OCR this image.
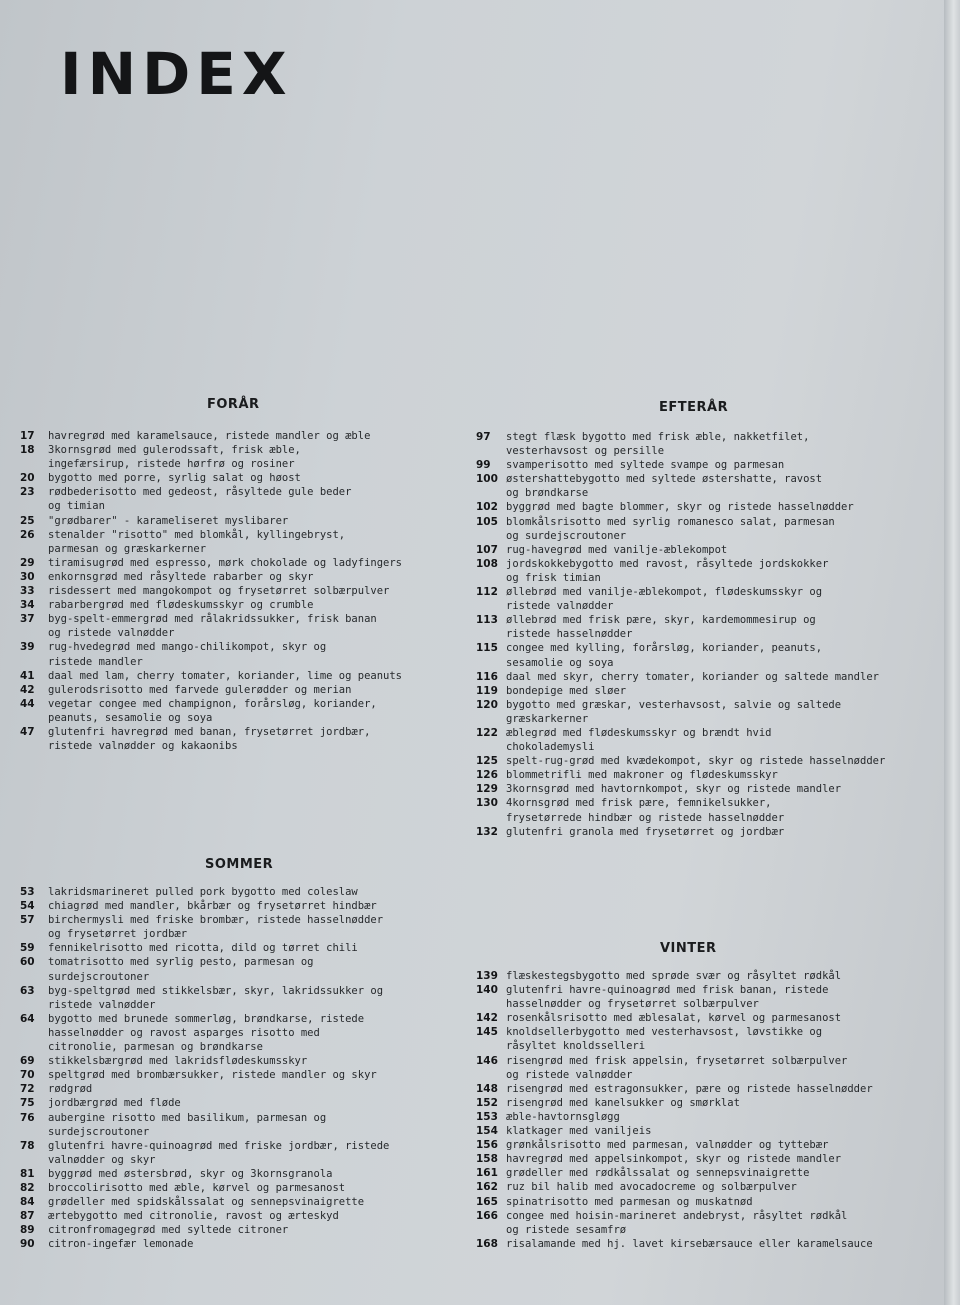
INDEX
FORÅR
17	havregrød med karamelsauce, ristede mandler og æble
18	3kornsgrød med gulerodssaft, frisk æble,
ingefærsirup, ristede hørfrø og rosiner
20	bygotto med porre, syrlig salat og høost
23	rødbederisotto med gedeost, råsyltede gule beder
og timian
25	"grødbarer" - karameliseret myslibarer
26	stenalder "risotto" med blomkål, kyllingebryst,
parmesan og græskarkerner
29	tiramisugrød med espresso, mørk chokolade og ladyfingers
30	enkornsgrød med råsyltede rabarber og skyr
33	risdessert med mangokompot og frysetørret solbærpulver
34	rabarbergrød med flødeskumsskyr og crumble
37	byg-spelt-emmergrød med rålakridssukker, frisk banan
og ristede valnødder
39	rug-hvedegrød med mango-chilikompot, skyr og
ristede mandler
41	daal med lam, cherry tomater, koriander, lime og peanuts
42	gulerodsrisotto med farvede gulerødder og merian
44	vegetar congee med champignon, forårsløg, koriander,
peanuts, sesamolie og soya
47	glutenfri havregrød med banan, frysetørret jordbær,
ristede valnødder og kakaonibs
SOMMER
53	lakridsmarineret pulled pork bygotto med coleslaw
54	chiagrød med mandler, bkårbær og frysetørret hindbær
57	birchermysli med friske brombær, ristede hasselnødder
og frysetørret jordbær
59	fennikelrisotto med ricotta, dild og tørret chili
60	tomatrisotto med syrlig pesto, parmesan og
surdejscroutoner
63	byg-speltgrød med stikkelsbær, skyr, lakridssukker og
ristede valnødder
64	bygotto med brunede sommerløg, brøndkarse, ristede
hasselnødder og ravost asparges risotto med
citronolie, parmesan og brøndkarse
69	stikkelsbærgrød med lakridsflødeskumsskyr
70	speltgrød med brombærsukker, ristede mandler og skyr
72	rødgrød
75	jordbærgrød med fløde
76	aubergine risotto med basilikum, parmesan og
surdejscroutoner
78	glutenfri havre-quinoagrød med friske jordbær, ristede
valnødder og skyr
81	byggrød med østersbrød, skyr og 3kornsgranola
82	broccolirisotto med æble, kørvel og parmesanost
84	grødeller med spidskålssalat og sennepsvinaigrette
87	ærtebygotto med citronolie, ravost og ærteskyd
89	citronfromagegrød med syltede citroner
90	citron-ingefær lemonade
EFTERÅR
97	stegt flæsk bygotto med frisk æble, nakketfilet,
vesterhavsost og persille
99	svamperisotto med syltede svampe og parmesan
100 østershattebygotto med syltede østershatte, ravost
og brøndkarse
102 byggrød med bagte blommer, skyr og ristede hasselnødder
105 blomkålsrisotto med syrlig romanesco salat, parmesan
og surdejscroutoner
107 rug-havegrød med vanilje-æblekompot
108 jordskokkebygotto med ravost, råsyltede jordskokker
og frisk timian
112 øllebrød med vanilje-æblekompot, flødeskumsskyr og
ristede valnødder
113 øllebrød med frisk pære, skyr, kardemommesirup og
ristede hasselnødder
115 congee med kylling, forårsløg, koriander, peanuts,
sesamolie og soya
116 daal med skyr, cherry tomater, koriander og saltede mandler
119 bondepige med sløer
120 bygotto med græskar, vesterhavsost, salvie og saltede
græskarkerner
122 æblegrød med flødeskumsskyr og brændt hvid
chokolademysli
125 spelt-rug-grød med kvædekompot, skyr og ristede hasselnødder
126 blommetrifli med makroner og flødeskumsskyr
129 3kornsgrød med havtornkompot, skyr og ristede mandler
130 4kornsgrød med frisk pære, femnikelsukker,
frysetørrede hindbær og ristede hasselnødder
132 glutenfri granola med frysetørret og jordbær
VINTER
139 flæskestegsbygotto med sprøde svær og råsyltet rødkål
140 glutenfri havre-quinoagrød med frisk banan, ristede
hasselnødder og frysetørret solbærpulver
142 rosenkålsrisotto med æblesalat, kørvel og parmesanost
145 knoldsellerbygotto med vesterhavsost, løvstikke og
råsyltet knoldsselleri
146 risengrød med frisk appelsin, frysetørret solbærpulver
og ristede valnødder
148 risengrød med estragonsukker, pære og ristede hasselnødder
152 risengrød med kanelsukker og smørklat
153 æble-havtornsgløgg
154 klatkager med vaniljeis
156 grønkålsrisotto med parmesan, valnødder og tyttebær
158 havregrød med appelsinkompot, skyr og ristede mandler
161 grødeller med rødkålssalat og sennepsvinaigrette
162 ruz bil halib med avocadocreme og solbærpulver
165 spinatrisotto med parmesan og muskatnød
166 congee med hoisin-marineret andebryst, råsyltet rødkål
og ristede sesamfrø
168 risalamande med hj. lavet kirsebærsauce eller karamelsauce
